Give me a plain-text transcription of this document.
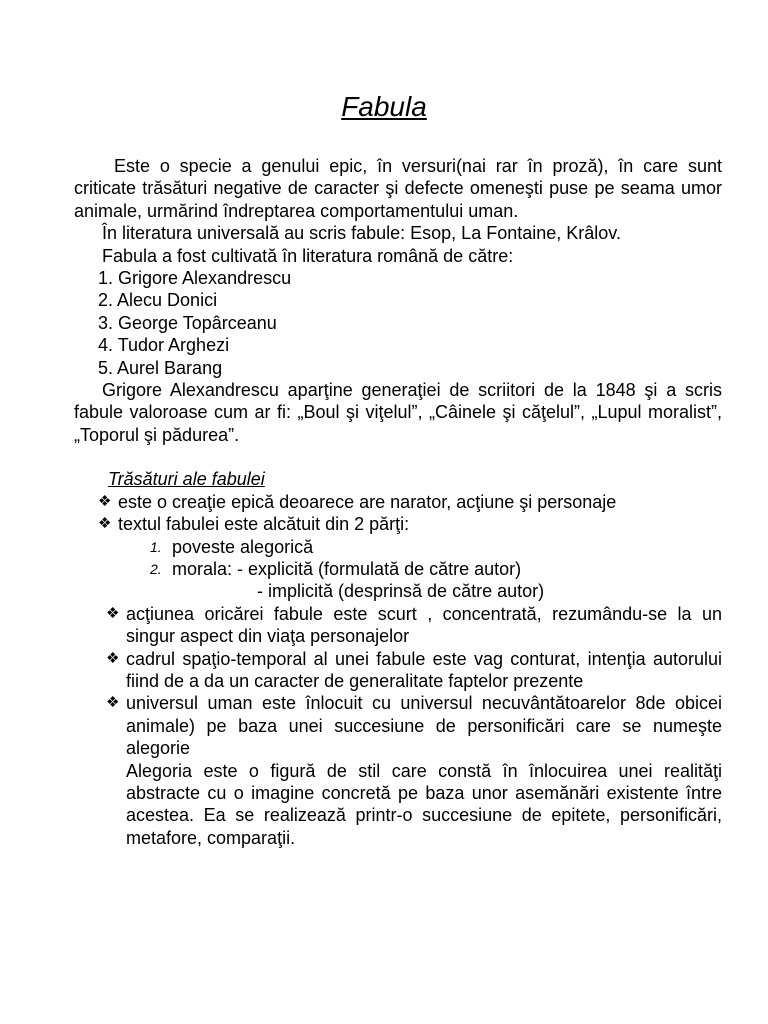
Fabula

Este o specie a genului epic, în versuri(nai rar în proză), în care sunt criticate trăsături negative de caracter şi defecte omeneşti puse pe seama umor animale, urmărind îndreptarea comportamentului uman.

În literatura universală au scris fabule: Esop, La Fontaine, Krâlov.

Fabula a fost cultivată în literatura română de către:

1. Grigore Alexandrescu
2. Alecu Donici
3. George Topârceanu
4. Tudor Arghezi
5. Aurel Barang

Grigore Alexandrescu aparţine generaţiei de scriitori de la 1848 şi a scris fabule valoroase cum ar fi: „Boul şi viţelul”, „Câinele şi căţelul”, „Lupul moralist”, „Toporul şi pădurea”.

Trăsături ale fabulei

❖ este o creaţie epică deoarece are narator, acţiune şi personaje
❖ textul fabulei este alcătuit din 2 părţi:
1. poveste alegorică
2. morala: - explicită (formulată de către autor)
- implicită (desprinsă de către autor)
❖ acţiunea oricărei fabule este scurt , concentrată, rezumându-se la un singur aspect din viaţa personajelor
❖ cadrul spaţio-temporal al unei fabule este vag conturat, intenţia autorului fiind de a da un caracter de generalitate faptelor prezente
❖ universul uman este înlocuit cu universul necuvântătoarelor 8de obicei animale) pe baza unei succesiune de personificări care se numeşte alegorie

Alegoria este o figură de stil care constă în înlocuirea unei realităţi abstracte cu o imagine concretă pe baza unor asemănări existente între acestea. Ea se realizează printr-o succesiune de epitete, personificări, metafore, comparaţii.
